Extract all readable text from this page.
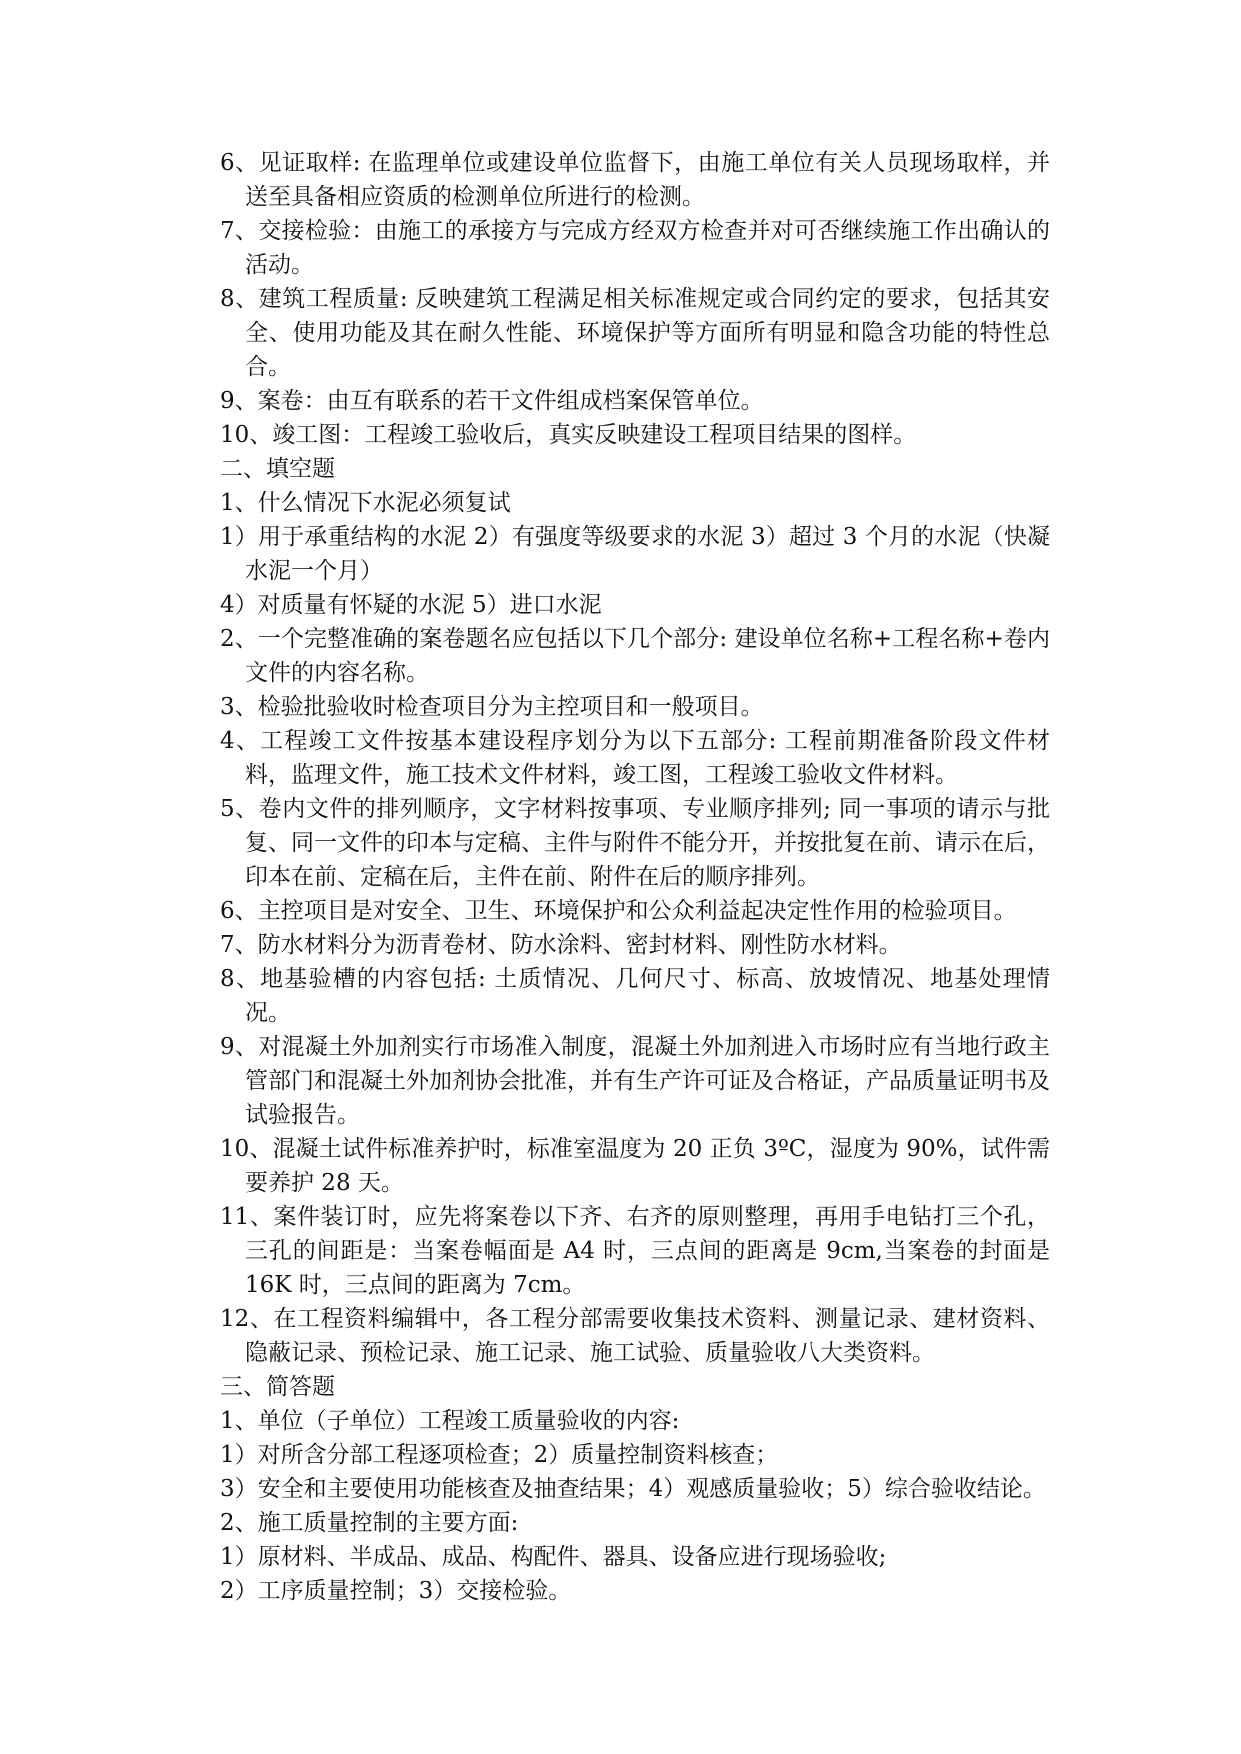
6、见证取样: 在监理单位或建设单位监督下，由施工单位有关人员现场取样，并送至具备相应资质的检测单位所进行的检测。

7、交接检验：由施工的承接方与完成方经双方检查并对可否继续施工作出确认的活动。

8、建筑工程质量: 反映建筑工程满足相关标准规定或合同约定的要求，包括其安全、使用功能及其在耐久性能、环境保护等方面所有明显和隐含功能的特性总合。

9、案卷：由互有联系的若干文件组成档案保管单位。

10、竣工图：工程竣工验收后，真实反映建设工程项目结果的图样。

二、填空题

1、什么情况下水泥必须复试

1）用于承重结构的水泥 2）有强度等级要求的水泥 3）超过 3 个月的水泥（快凝水泥一个月）

4）对质量有怀疑的水泥 5）进口水泥

2、一个完整准确的案卷题名应包括以下几个部分: 建设单位名称+工程名称+卷内文件的内容名称。

3、检验批验收时检查项目分为主控项目和一般项目。

4、工程竣工文件按基本建设程序划分为以下五部分: 工程前期准备阶段文件材料，监理文件，施工技术文件材料，竣工图，工程竣工验收文件材料。

5、卷内文件的排列顺序，文字材料按事项、专业顺序排列; 同一事项的请示与批复、同一文件的印本与定稿、主件与附件不能分开，并按批复在前、请示在后，印本在前、定稿在后，主件在前、附件在后的顺序排列。

6、主控项目是对安全、卫生、环境保护和公众利益起决定性作用的检验项目。

7、防水材料分为沥青卷材、防水涂料、密封材料、刚性防水材料。

8、地基验槽的内容包括: 土质情况、几何尺寸、标高、放坡情况、地基处理情况。

9、对混凝土外加剂实行市场准入制度，混凝土外加剂进入市场时应有当地行政主管部门和混凝土外加剂协会批准，并有生产许可证及合格证，产品质量证明书及试验报告。

10、混凝土试件标准养护时，标准室温度为 20 正负 3ºC，湿度为 90%，试件需要养护 28 天。

11、案件装订时，应先将案卷以下齐、右齐的原则整理，再用手电钻打三个孔，三孔的间距是：当案卷幅面是 A4 时，三点间的距离是 9cm,当案卷的封面是 16K 时，三点间的距离为 7cm。

12、在工程资料编辑中，各工程分部需要收集技术资料、测量记录、建材资料、隐蔽记录、预检记录、施工记录、施工试验、质量验收八大类资料。

三、简答题

1、单位（子单位）工程竣工质量验收的内容:

1）对所含分部工程逐项检查；2）质量控制资料核查；

3）安全和主要使用功能核查及抽查结果；4）观感质量验收；5）综合验收结论。

2、施工质量控制的主要方面:

1）原材料、半成品、成品、构配件、器具、设备应进行现场验收;

2）工序质量控制；3）交接检验。
